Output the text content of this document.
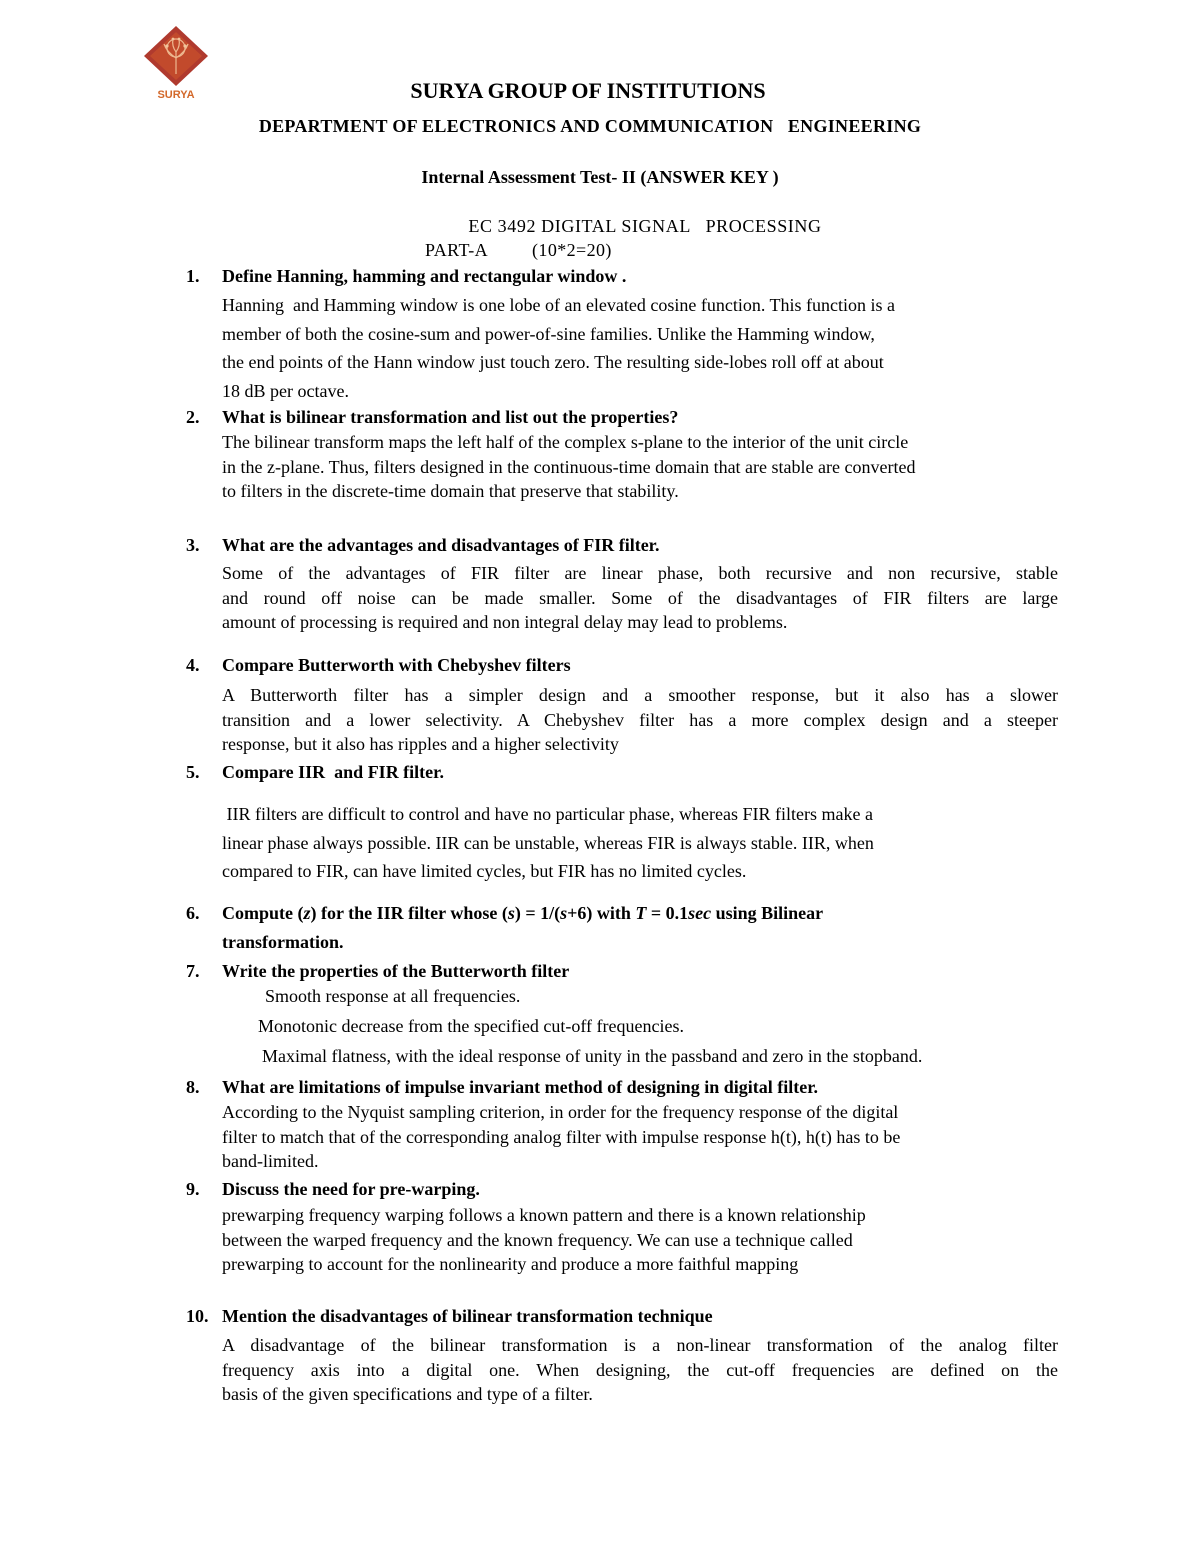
SURYA	SURYA GROUP OF INSTITUTIONS
DEPARTMENT OF ELECTRONICS AND COMMUNICATION   ENGINEERING
Internal Assessment Test- II (ANSWER KEY )
EC 3492 DIGITAL SIGNAL   PROCESSING
PART-A (10*2=20)
1. Define Hanning, hamming and rectangular window .
Hanning  and Hamming window is one lobe of an elevated cosine function. This function is a
member of both the cosine-sum and power-of-sine families. Unlike the Hamming window,
the end points of the Hann window just touch zero. The resulting side-lobes roll off at about
18 dB per octave.
2. What is bilinear transformation and list out the properties?
The bilinear transform maps the left half of the complex s-plane to the interior of the unit circle
in the z-plane. Thus, filters designed in the continuous-time domain that are stable are converted
to filters in the discrete-time domain that preserve that stability.
3. What are the advantages and disadvantages of FIR filter.
Some of the advantages of FIR filter are linear phase, both recursive and non recursive, stable
and round off noise can be made smaller. Some of the disadvantages of FIR filters are large
amount of processing is required and non integral delay may lead to problems.
4. Compare Butterworth with Chebyshev filters
A Butterworth filter has a simpler design and a smoother response, but it also has a slower
transition and a lower selectivity. A Chebyshev filter has a more complex design and a steeper
response, but it also has ripples and a higher selectivity
5. Compare IIR  and FIR filter.
IIR filters are difficult to control and have no particular phase, whereas FIR filters make a
linear phase always possible. IIR can be unstable, whereas FIR is always stable. IIR, when
compared to FIR, can have limited cycles, but FIR has no limited cycles.
6. Compute (z) for the IIR filter whose (s) = 1/(s+6) with T = 0.1sec using Bilinear
transformation.
7. Write the properties of the Butterworth filter
Smooth response at all frequencies.
Monotonic decrease from the specified cut-off frequencies.
Maximal flatness, with the ideal response of unity in the passband and zero in the stopband.
8. What are limitations of impulse invariant method of designing in digital filter.
According to the Nyquist sampling criterion, in order for the frequency response of the digital
filter to match that of the corresponding analog filter with impulse response h(t), h(t) has to be
band-limited.
9. Discuss the need for pre-warping.
prewarping frequency warping follows a known pattern and there is a known relationship
between the warped frequency and the known frequency. We can use a technique called
prewarping to account for the nonlinearity and produce a more faithful mapping
10. Mention the disadvantages of bilinear transformation technique
A disadvantage of the bilinear transformation is a non-linear transformation of the analog filter
frequency axis into a digital one. When designing, the cut-off frequencies are defined on the
basis of the given specifications and type of a filter.
